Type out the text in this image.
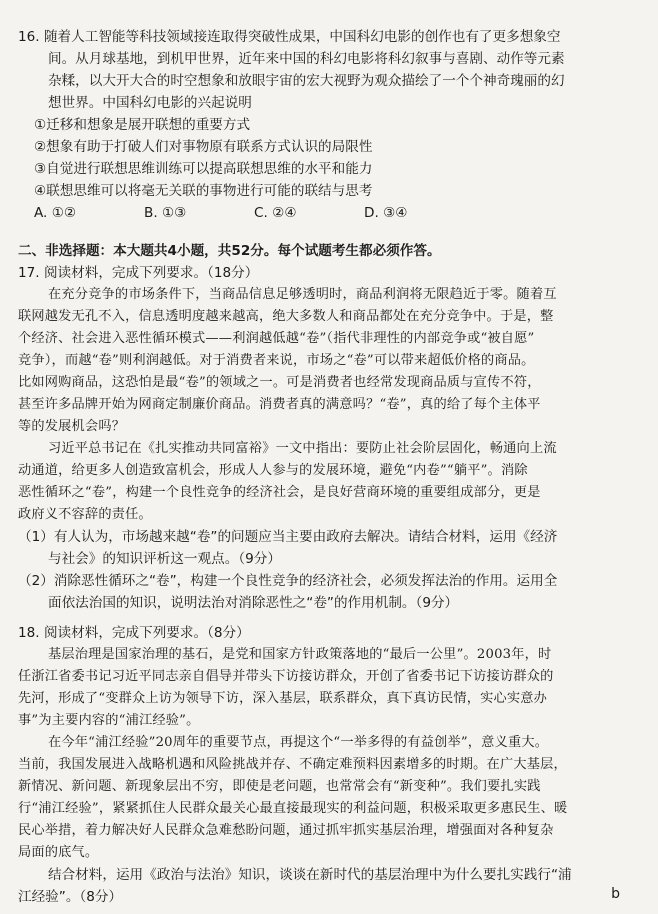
16. 随着人工智能等科技领域接连取得突破性成果，中国科幻电影的创作也有了更多想象空
间。从月球基地，到机甲世界，近年来中国的科幻电影将科幻叙事与喜剧、动作等元素
杂糅，以大开大合的时空想象和放眼宇宙的宏大视野为观众描绘了一个个神奇瑰丽的幻
想世界。中国科幻电影的兴起说明
①迁移和想象是展开联想的重要方式
②想象有助于打破人们对事物原有联系方式认识的局限性
③自觉进行联想思维训练可以提高联想思维的水平和能力
④联想思维可以将毫无关联的事物进行可能的联结与思考
A. ①②	B. ①③	C. ②④	D. ③④
二、非选择题：本大题共4小题，共52分。每个试题考生都必须作答。
17. 阅读材料，完成下列要求。（18分）
在充分竞争的市场条件下，当商品信息足够透明时，商品利润将无限趋近于零。随着互
联网越发无孔不入，信息透明度越来越高，绝大多数人和商品都处在充分竞争中。于是，整
个经济、社会进入恶性循环模式——利润越低越“卷”（指代非理性的内部竞争或“被自愿”
竞争），而越“卷”则利润越低。对于消费者来说，市场之“卷”可以带来超低价格的商品。
比如网购商品，这恐怕是最“卷”的领域之一。可是消费者也经常发现商品质与宣传不符，
甚至许多品牌开始为网商定制廉价商品。消费者真的满意吗？“卷”，真的给了每个主体平
等的发展机会吗？
习近平总书记在《扎实推动共同富裕》一文中指出：要防止社会阶层固化，畅通向上流
动通道，给更多人创造致富机会，形成人人参与的发展环境，避免“内卷”“躺平”。消除
恶性循环之“卷”，构建一个良性竞争的经济社会，是良好营商环境的重要组成部分，更是
政府义不容辞的责任。
（1）有人认为，市场越来越“卷”的问题应当主要由政府去解决。请结合材料，运用《经济
与社会》的知识评析这一观点。（9分）
（2）消除恶性循环之“卷”，构建一个良性竞争的经济社会，必须发挥法治的作用。运用全
面依法治国的知识，说明法治对消除恶性之“卷”的作用机制。（9分）
18. 阅读材料，完成下列要求。（8分）
基层治理是国家治理的基石，是党和国家方针政策落地的“最后一公里”。2003年，时
任浙江省委书记习近平同志亲自倡导并带头下访接访群众，开创了省委书记下访接访群众的
先河，形成了“变群众上访为领导下访，深入基层，联系群众，真下真访民情，实心实意办
事”为主要内容的“浦江经验”。
在今年“浦江经验”20周年的重要节点，再提这个“一举多得的有益创举”，意义重大。
当前，我国发展进入战略机遇和风险挑战并存、不确定难预料因素增多的时期。在广大基层，
新情况、新问题、新现象层出不穷，即使是老问题，也常常会有“新变种”。我们要扎实践
行“浦江经验”，紧紧抓住人民群众最关心最直接最现实的利益问题，积极采取更多惠民生、暖
民心举措，着力解决好人民群众急难愁盼问题，通过抓牢抓实基层治理，增强面对各种复杂
局面的底气。
结合材料，运用《政治与法治》知识，谈谈在新时代的基层治理中为什么要扎实践行“浦
江经验”。（8分）	b
